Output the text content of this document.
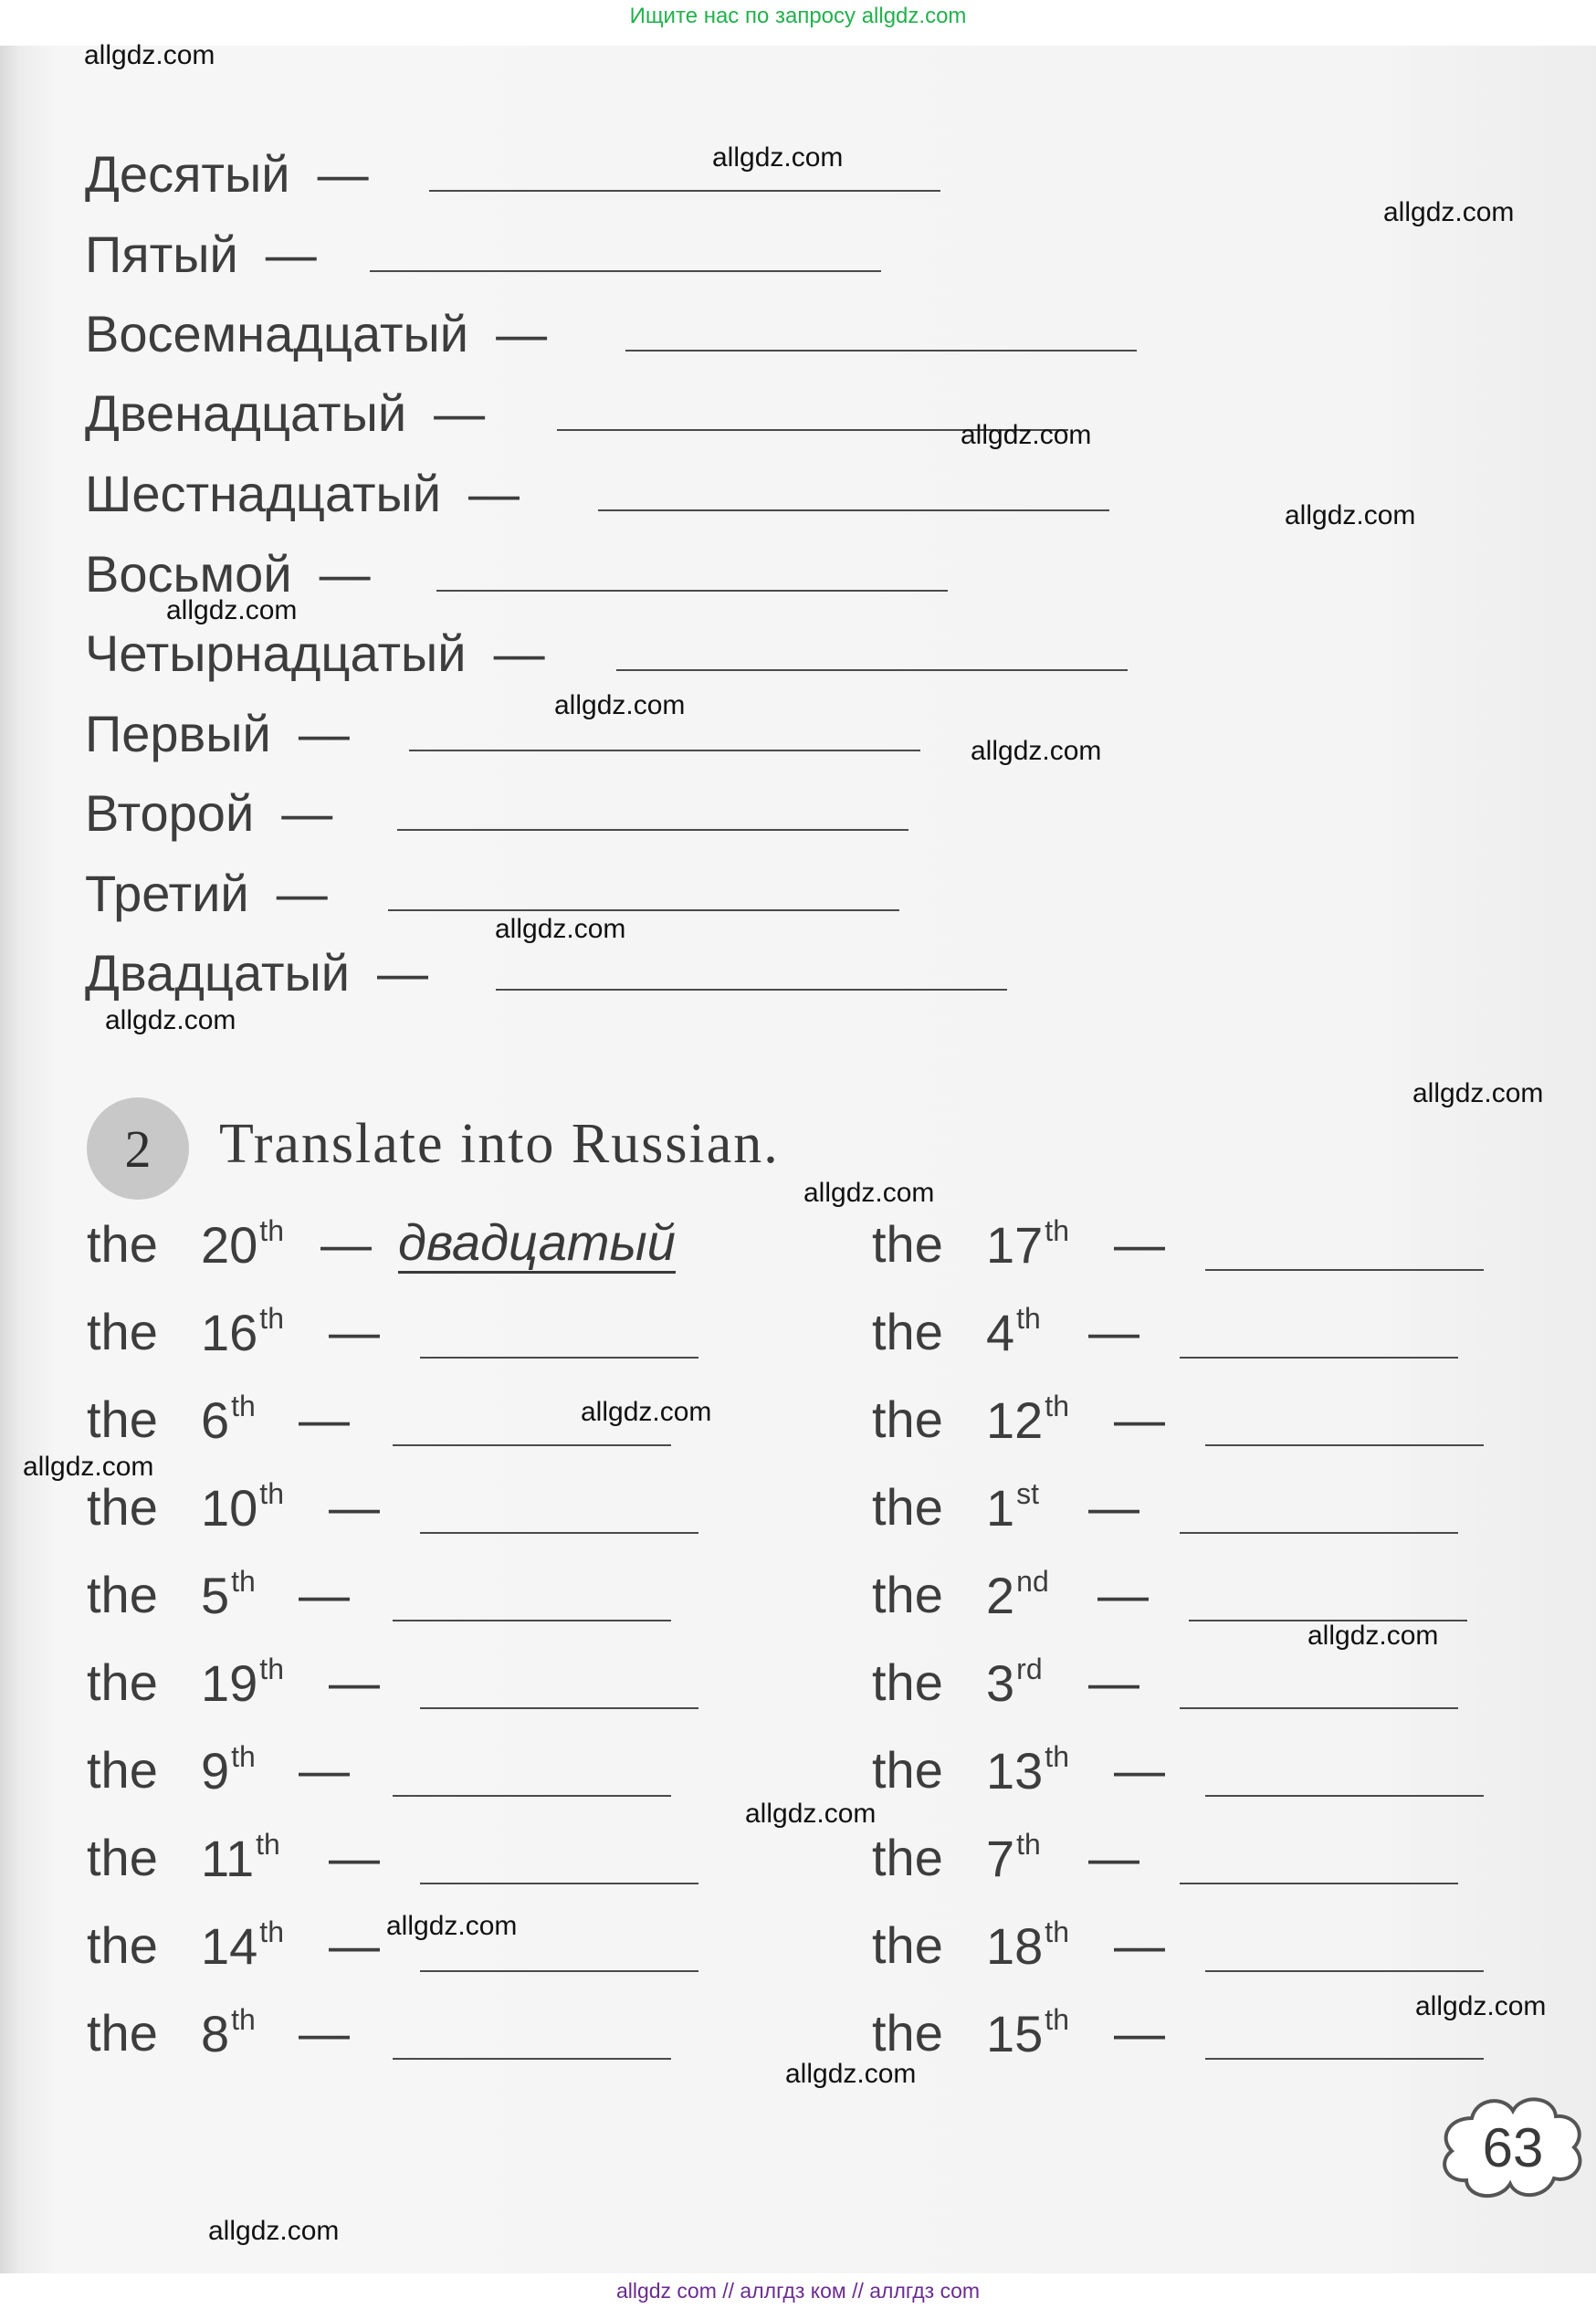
Ищите нас по запросу allgdz.com
Десятый —
Пятый —
Восемнадцатый —
Двенадцатый —
Шестнадцатый —
Восьмой —
Четырнадцатый —
Первый —
Второй —
Третий —
Двадцатый —
2 Translate into Russian.
the 20th — двадцатый
the 16th —
the 6th —
the 10th —
the 5th —
the 19th —
the 9th —
the 11th —
the 14th —
the 8th —
the 17th —
the 4th —
the 12th —
the 1st —
the 2nd —
the 3rd —
the 13th —
the 7th —
the 18th —
the 15th —
63
allgdz.com
allgdz.com
allgdz.com
allgdz.com
allgdz.com
allgdz.com
allgdz.com
allgdz.com
allgdz.com
allgdz.com
allgdz.com
allgdz.com
allgdz.com
allgdz.com
allgdz.com
allgdz.com
allgdz.com
allgdz.com
allgdz.com
allgdz.com
allgdz com // аллгдз ком // аллгдз com
